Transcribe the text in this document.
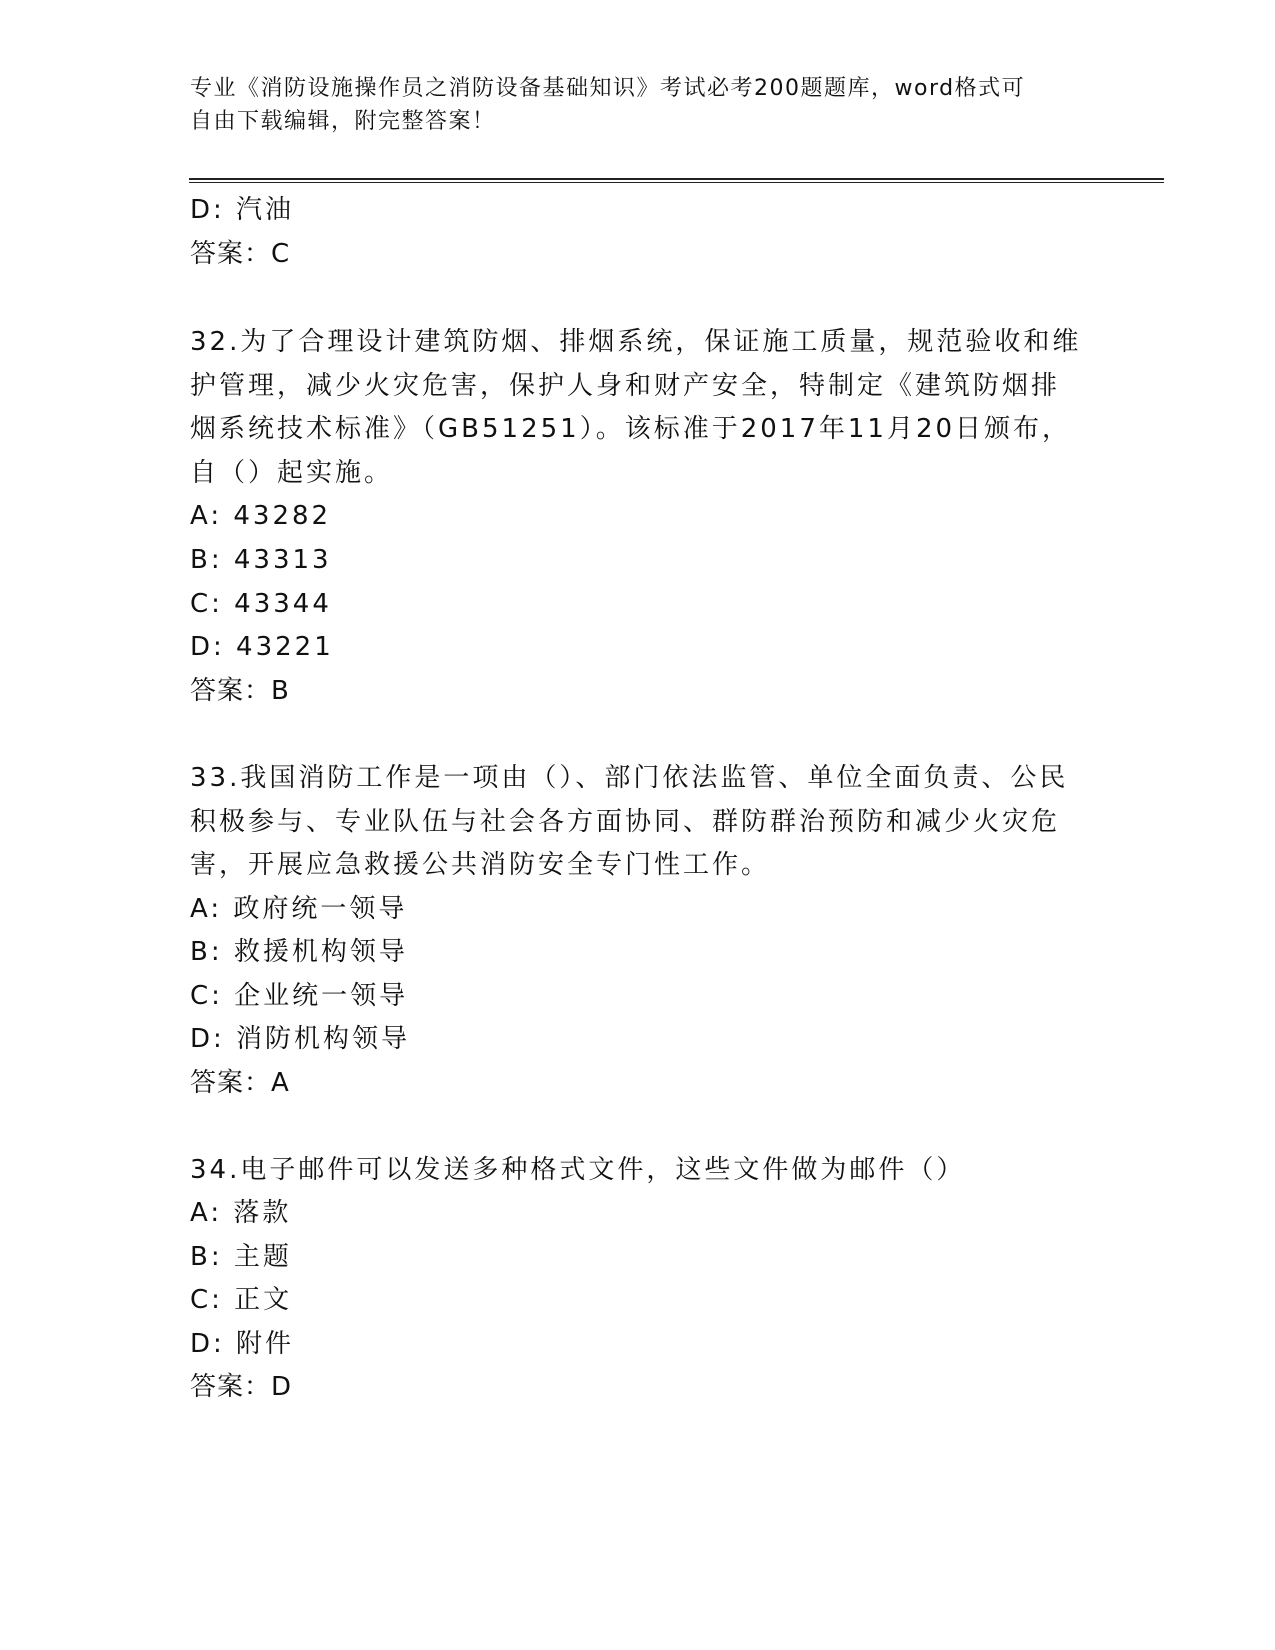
专业《消防设施操作员之消防设备基础知识》考试必考200题题库，word格式可
自由下载编辑，附完整答案！
D: 汽油
答案：C
32.为了合理设计建筑防烟、排烟系统，保证施工质量，规范验收和维
护管理，减少火灾危害，保护人身和财产安全，特制定《建筑防烟排
烟系统技术标准》（GB51251）。该标准于2017年11月20日颁布，
自（）起实施。
A: 43282
B: 43313
C: 43344
D: 43221
答案：B
33.我国消防工作是一项由（）、部门依法监管、单位全面负责、公民
积极参与、专业队伍与社会各方面协同、群防群治预防和减少火灾危
害，开展应急救援公共消防安全专门性工作。
A: 政府统一领导
B: 救援机构领导
C: 企业统一领导
D: 消防机构领导
答案：A
34.电子邮件可以发送多种格式文件，这些文件做为邮件（）
A: 落款
B: 主题
C: 正文
D: 附件
答案：D
